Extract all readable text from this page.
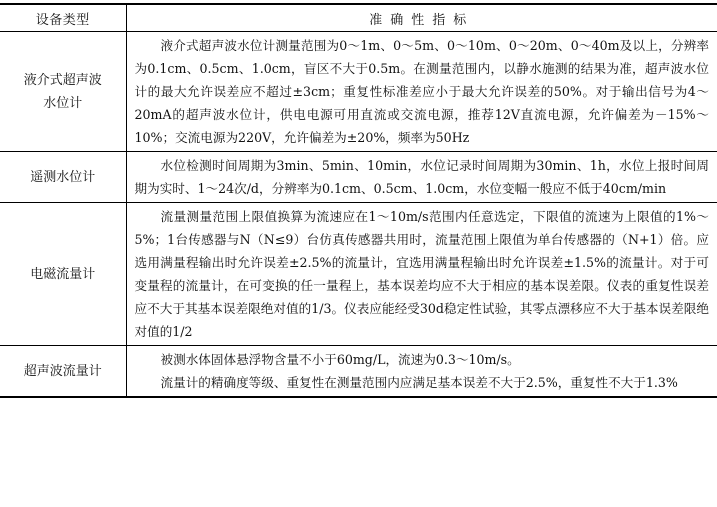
设备类型	准确性指标
液介式超声波水位计	液介式超声波水位计测量范围为0～1m、0～5m、0～10m、0～20m、0～40m及以上，分辨率为0.1cm、0.5cm、1.0cm，盲区不大于0.5m。在测量范围内，以静水施测的结果为准，超声波水位计的最大允许误差应不超过±3cm；重复性标准差应小于最大允许误差的50%。对于输出信号为4～20mA的超声波水位计，供电电源可用直流或交流电源，推荐12V直流电源，允许偏差为－15%～10%；交流电源为220V，允许偏差为±20%，频率为50Hz

遥测水位计	水位检测时间周期为3min、5min、10min，水位记录时间周期为30min、1h，水位上报时间周期为实时、1～24次/d，分辨率为0.1cm、0.5cm、1.0cm，水位变幅一般应不低于40cm/min

电磁流量计	流量测量范围上限值换算为流速应在1～10m/s范围内任意选定，下限值的流速为上限值的1%～5%；1台传感器与N（N≤9）台仿真传感器共用时，流量范围上限值为单台传感器的（N+1）倍。应选用满量程输出时允许误差±2.5%的流量计，宜选用满量程输出时允许误差±1.5%的流量计。对于可变量程的流量计，在可变换的任一量程上，基本误差均应不大于相应的基本误差限。仪表的重复性误差应不大于其基本误差限绝对值的1/3。仪表应能经受30d稳定性试验，其零点漂移应不大于基本误差限绝对值的1/2

超声波流量计	被测水体固体悬浮物含量不小于60mg/L，流速为0.3～10m/s。
流量计的精确度等级、重复性在测量范围内应满足基本误差不大于2.5%，重复性不大于1.3%
